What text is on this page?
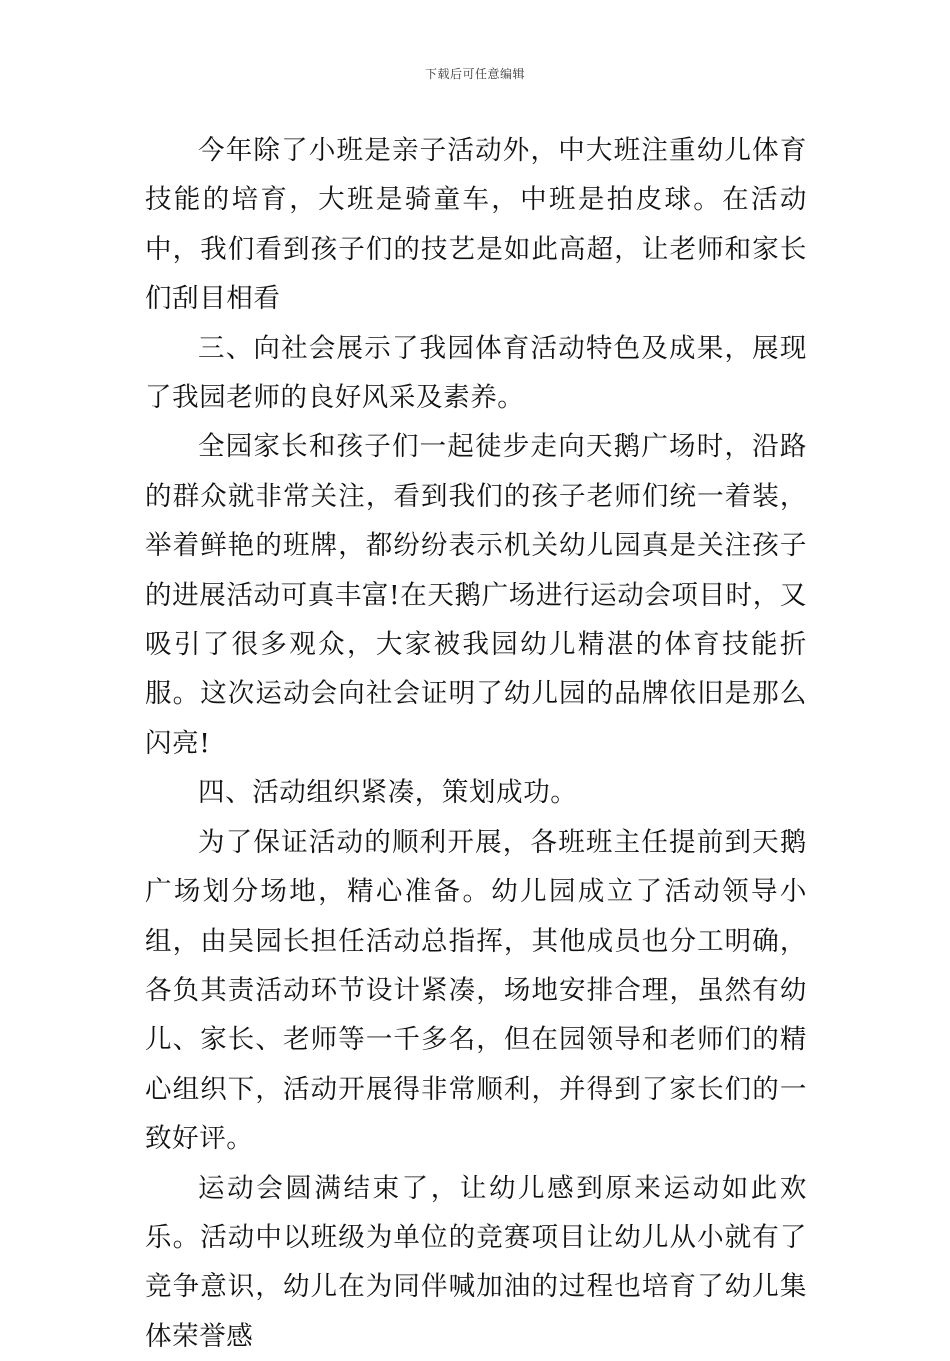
下载后可任意编辑

今年除了小班是亲子活动外，中大班注重幼儿体育技能的培育，大班是骑童车，中班是拍皮球。在活动中，我们看到孩子们的技艺是如此高超，让老师和家长们刮目相看

三、向社会展示了我园体育活动特色及成果，展现了我园老师的良好风采及素养。

全园家长和孩子们一起徒步走向天鹅广场时，沿路的群众就非常关注，看到我们的孩子老师们统一着装，举着鲜艳的班牌，都纷纷表示机关幼儿园真是关注孩子的进展活动可真丰富!在天鹅广场进行运动会项目时，又吸引了很多观众，大家被我园幼儿精湛的体育技能折服。这次运动会向社会证明了幼儿园的品牌依旧是那么闪亮!

四、活动组织紧凑，策划成功。

为了保证活动的顺利开展，各班班主任提前到天鹅广场划分场地，精心准备。幼儿园成立了活动领导小组，由吴园长担任活动总指挥，其他成员也分工明确，各负其责活动环节设计紧凑，场地安排合理，虽然有幼儿、家长、老师等一千多名，但在园领导和老师们的精心组织下，活动开展得非常顺利，并得到了家长们的一致好评。

运动会圆满结束了，让幼儿感到原来运动如此欢乐。活动中以班级为单位的竞赛项目让幼儿从小就有了竞争意识，幼儿在为同伴喊加油的过程也培育了幼儿集体荣誉感
